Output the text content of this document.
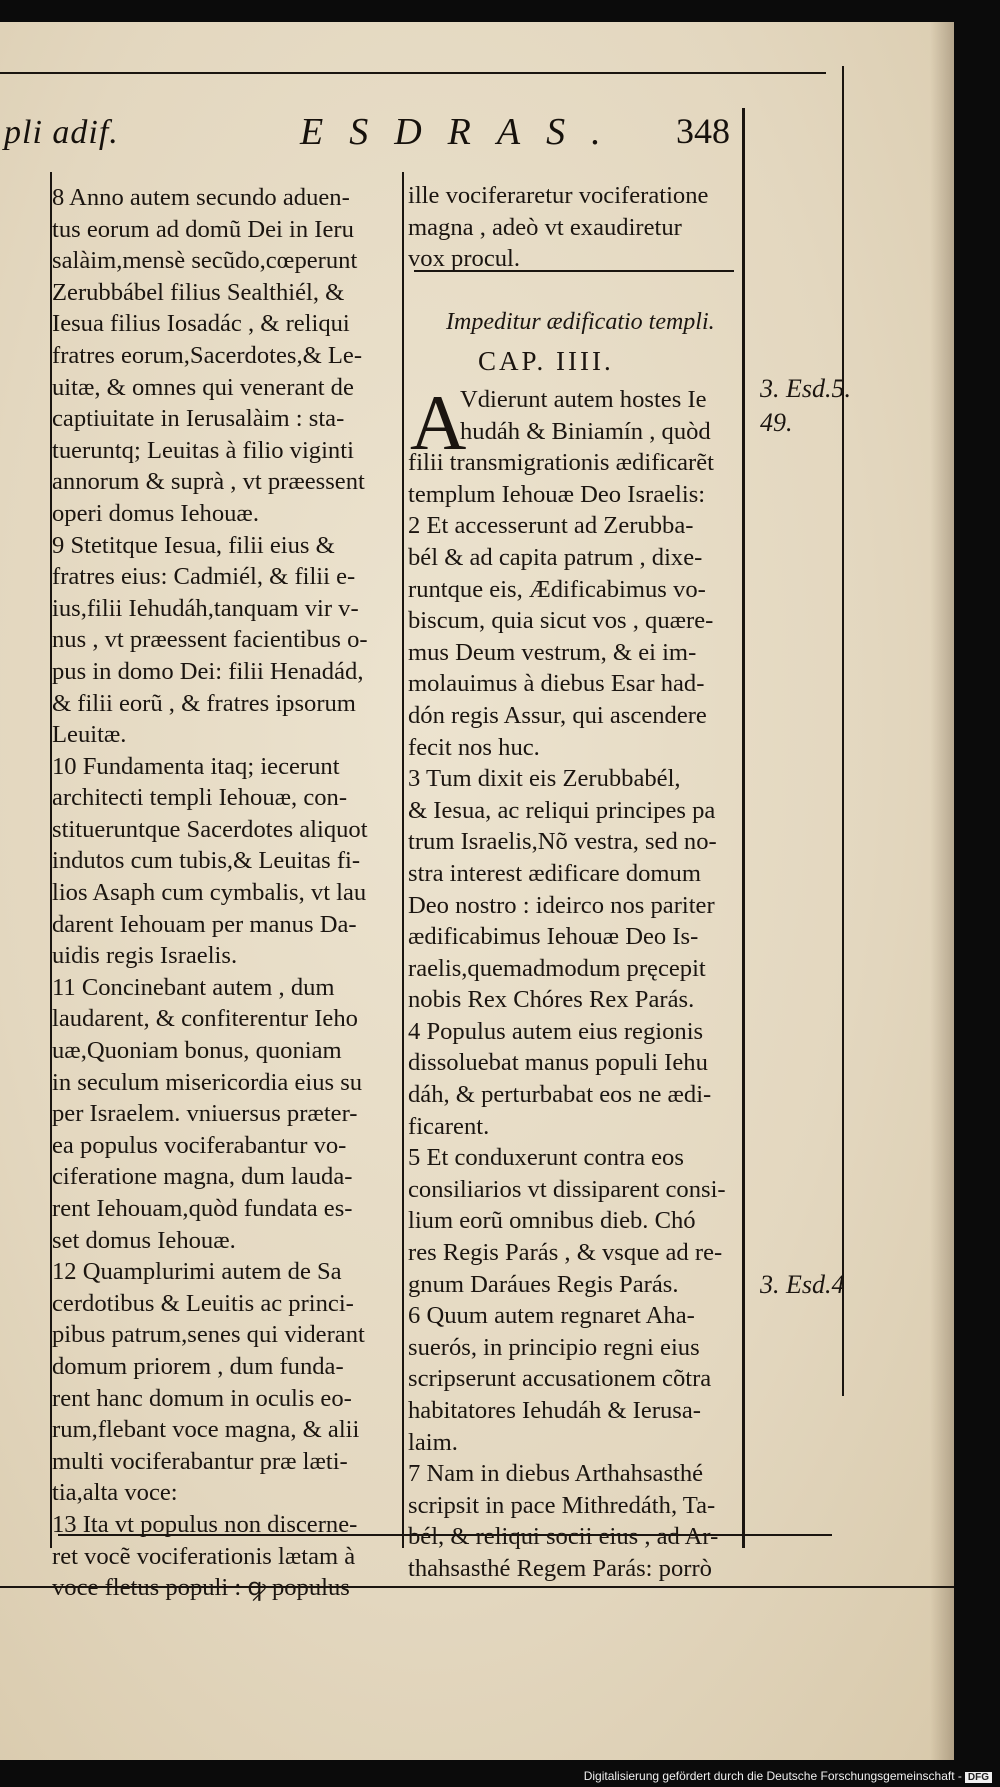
pli adif.	ESDRAS. 348
8 Anno autem secundo aduen-
tus eorum ad domũ Dei in Ieru
salàim,mensè secũdo,cœperunt
Zerubbábel filius Sealthiél, &
Iesua filius Iosadác , & reliqui
fratres eorum,Sacerdotes,& Le-
uitæ, & omnes qui venerant de
captiuitate in Ierusalàim : sta-
tueruntq; Leuitas à filio viginti
annorum & suprà , vt præessent
operi domus Iehouæ.
9 Stetitque Iesua, filii eius &
fratres eius: Cadmiél, & filii e-
ius,filii Iehudáh,tanquam vir v-
nus , vt præessent facientibus o-
pus in domo Dei: filii Henadád,
& filii eorũ , & fratres ipsorum
Leuitæ.
10 Fundamenta itaq; iecerunt
architecti templi Iehouæ, con-
stitueruntque Sacerdotes aliquot
indutos cum tubis,& Leuitas fi-
lios Asaph cum cymbalis, vt lau
darent Iehouam per manus Da-
uidis regis Israelis.
11 Concinebant autem , dum
laudarent, & confiterentur Ieho
uæ,Quoniam bonus, quoniam
in seculum misericordia eius su
per Israelem. vniuersus præter-
ea populus vociferabantur vo-
ciferatione magna, dum lauda-
rent Iehouam,quòd fundata es-
set domus Iehouæ.
12 Quamplurimi autem de Sa
cerdotibus & Leuitis ac princi-
pibus patrum,senes qui viderant
domum priorem , dum funda-
rent hanc domum in oculis eo-
rum,flebant voce magna, & alii
multi vociferabantur præ læti-
tia,alta voce:
13 Ita vt populus non discerne-
ret vocẽ vociferationis lætam à
voce fletus populi : ꝙ populus
ille vociferaretur vociferatione
magna , adeò vt exaudiretur
vox procul.
Impeditur ædificatio templi.
CAP. IIII.
A
Vdierunt autem hostes Ie
hudáh & Biniamín , quòd
filii transmigrationis ædificarẽt
templum Iehouæ Deo Israelis:
2 Et accesserunt ad Zerubba-
bél & ad capita patrum , dixe-
runtque eis, Ædificabimus vo-
biscum, quia sicut vos , quære-
mus Deum vestrum, & ei im-
molauimus à diebus Esar had-
dón regis Assur, qui ascendere
fecit nos huc.
3 Tum dixit eis Zerubbabél,
& Iesua, ac reliqui principes pa
trum Israelis,Nõ vestra, sed no-
stra interest ædificare domum
Deo nostro : ideirco nos pariter
ædificabimus Iehouæ Deo Is-
raelis,quemadmodum pręcepit
nobis Rex Chóres Rex Parás.
4 Populus autem eius regionis
dissoluebat manus populi Iehu
dáh, & perturbabat eos ne ædi-
ficarent.
5 Et conduxerunt contra eos
consiliarios vt dissiparent consi-
lium eorũ omnibus dieb. Chó
res Regis Parás , & vsque ad re-
gnum Daráues Regis Parás.
6 Quum autem regnaret Aha-
suerós, in principio regni eius
scripserunt accusationem cõtra
habitatores Iehudáh & Ierusa-
laim.
7 Nam in diebus Arthahsasthé
scripsit in pace Mithredáth, Ta-
bél, & reliqui socii eius , ad Ar-
thahsasthé Regem Parás: porrò
3. Esd.5.
49.
3. Esd.4
Digitalisierung gefördert durch die Deutsche Forschungsgemeinschaft - DFG
